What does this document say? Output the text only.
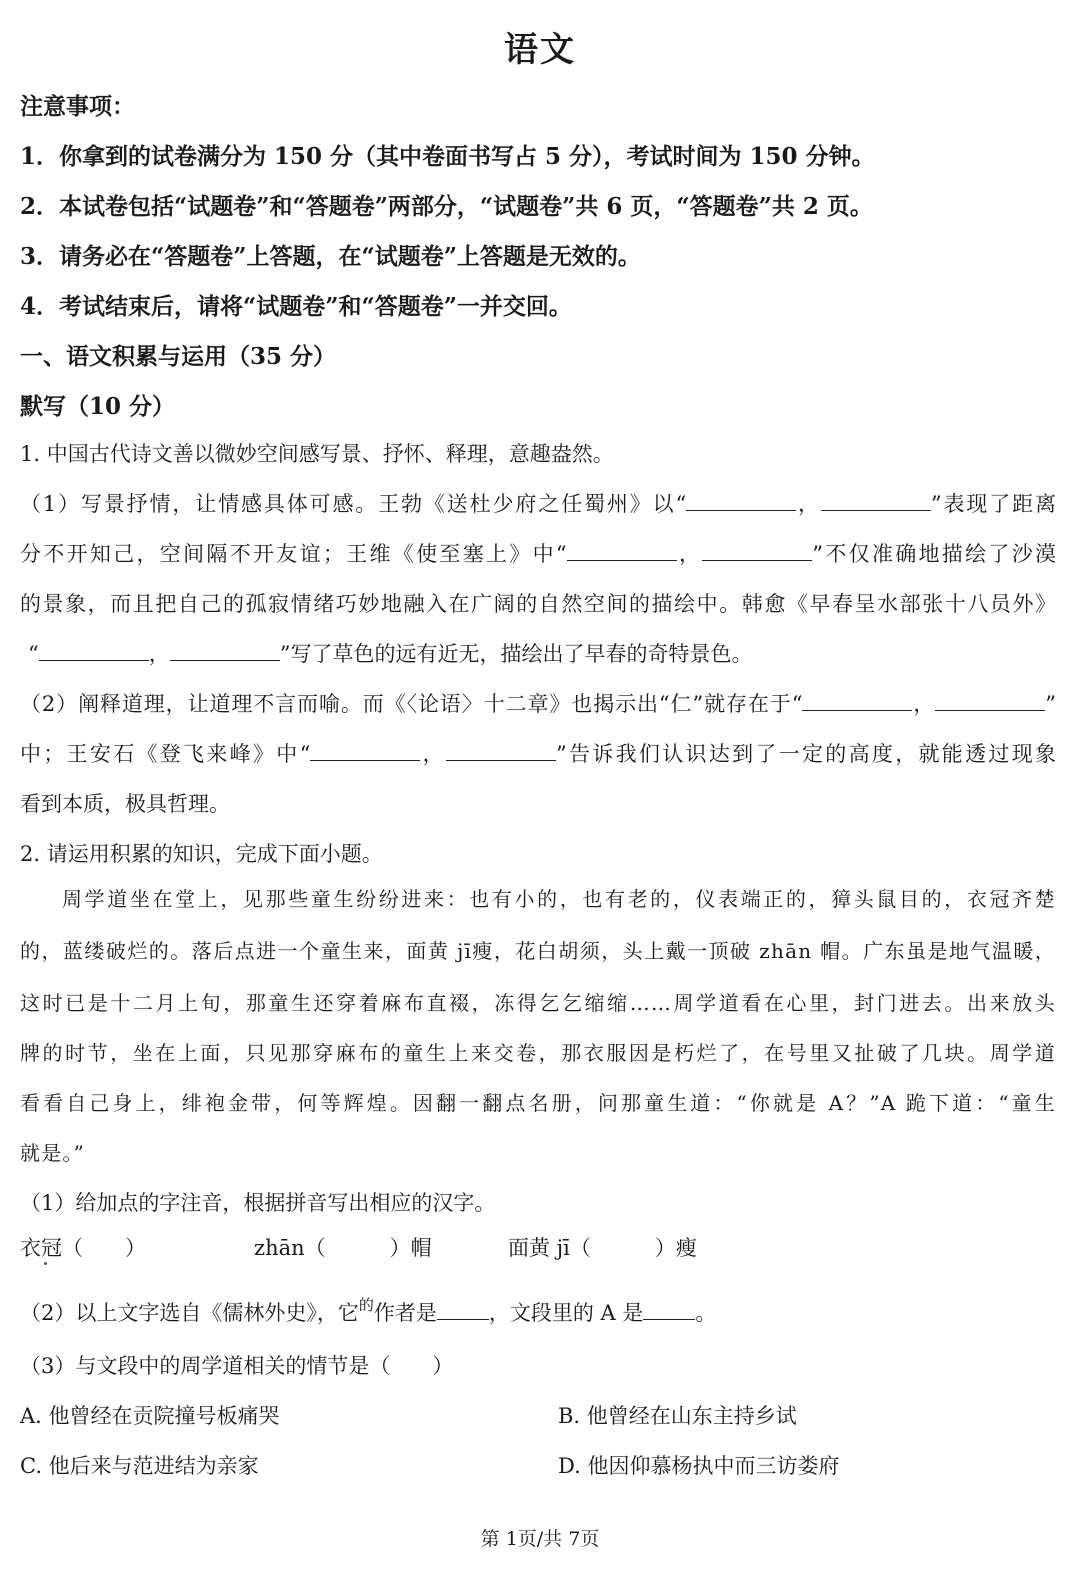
语文
注意事项：
1．你拿到的试卷满分为 150 分（其中卷面书写占 5 分），考试时间为 150 分钟。
2．本试卷包括“试题卷”和“答题卷”两部分，“试题卷”共 6 页，“答题卷”共 2 页。
3．请务必在“答题卷”上答题，在“试题卷”上答题是无效的。
4．考试结束后，请将“试题卷”和“答题卷”一并交回。
一、语文积累与运用（35 分）
默写（10 分）
1. 中国古代诗文善以微妙空间感写景、抒怀、释理，意趣盎然。
（1）写景抒情，让情感具体可感。王勃《送杜少府之任蜀州》以“	，	”表现了距离
分不开知己，空间隔不开友谊；王维《使至塞上》中“	，	”不仅准确地描绘了沙漠
的景象，而且把自己的孤寂情绪巧妙地融入在广阔的自然空间的描绘中。韩愈《早春呈水部张十八员外》
“	，	”写了草色的远有近无，描绘出了早春的奇特景色。
（2）阐释道理，让道理不言而喻。而《〈论语〉十二章》也揭示出“仁”就存在于“	，	”
中；王安石《登飞来峰》中“	，	”告诉我们认识达到了一定的高度，就能透过现象
看到本质，极具哲理。
2. 请运用积累的知识，完成下面小题。
周学道坐在堂上，见那些童生纷纷进来：也有小的，也有老的，仪表端正的，獐头鼠目的，衣冠齐楚
的，蓝缕破烂的。落后点进一个童生来，面黄 jī瘦，花白胡须，头上戴一顶破 zhān 帽。广东虽是地气温暖，
这时已是十二月上旬，那童生还穿着麻布直裰，冻得乞乞缩缩……周学道看在心里，封门进去。出来放头
牌的时节，坐在上面，只见那穿麻布的童生上来交卷，那衣服因是朽烂了，在号里又扯破了几块。周学道
看看自己身上，绯袍金带，何等辉煌。因翻一翻点名册，问那童生道：“你就是 A？”A 跪下道：“童生
就是。”
（1）给加点的字注音，根据拼音写出相应的汉字。
衣冠（　　）	zhān（	）帽	面黄 jī（	）瘦
（2）以上文字选自《儒林外史》，它$^的$作者是 ，文段里的 A 是 。
（3）与文段中的周学道相关的情节是（　　）
A. 他曾经在贡院撞号板痛哭	B. 他曾经在山东主持乡试
C. 他后来与范进结为亲家	D. 他因仰慕杨执中而三访娄府
第 1页/共 7页
